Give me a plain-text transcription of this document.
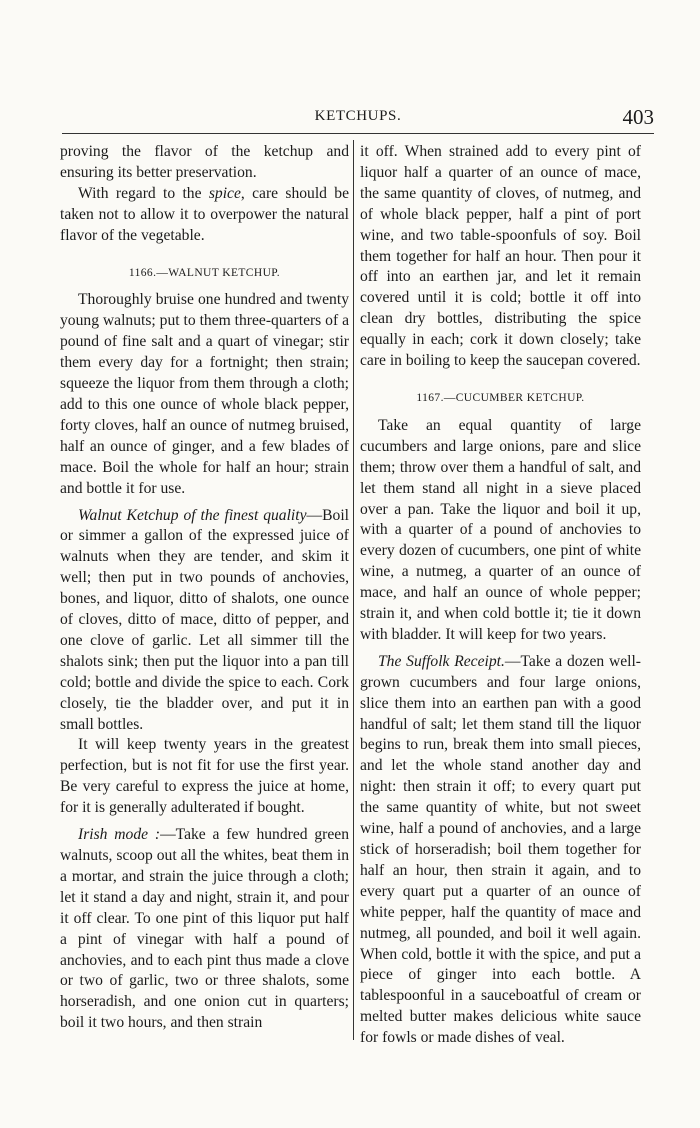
KETCHUPS.	403

proving the flavor of the ketchup and ensuring its better preservation.

With regard to the spice, care should be taken not to allow it to overpower the natural flavor of the vegetable.

1166.—WALNUT KETCHUP.

Thoroughly bruise one hundred and twenty young walnuts; put to them three-quarters of a pound of fine salt and a quart of vinegar; stir them every day for a fortnight; then strain; squeeze the liquor from them through a cloth; add to this one ounce of whole black pepper, forty cloves, half an ounce of nutmeg bruised, half an ounce of ginger, and a few blades of mace. Boil the whole for half an hour; strain and bottle it for use.

Walnut Ketchup of the finest quality—Boil or simmer a gallon of the expressed juice of walnuts when they are tender, and skim it well; then put in two pounds of anchovies, bones, and liquor, ditto of shalots, one ounce of cloves, ditto of mace, ditto of pepper, and one clove of garlic. Let all simmer till the shalots sink; then put the liquor into a pan till cold; bottle and divide the spice to each. Cork closely, tie the bladder over, and put it in small bottles.

It will keep twenty years in the greatest perfection, but is not fit for use the first year. Be very careful to express the juice at home, for it is generally adulterated if bought.

Irish mode :—Take a few hundred green walnuts, scoop out all the whites, beat them in a mortar, and strain the juice through a cloth; let it stand a day and night, strain it, and pour it off clear. To one pint of this liquor put half a pint of vinegar with half a pound of anchovies, and to each pint thus made a clove or two of garlic, two or three shalots, some horseradish, and one onion cut in quarters; boil it two hours, and then strain

it off. When strained add to every pint of liquor half a quarter of an ounce of mace, the same quantity of cloves, of nutmeg, and of whole black pepper, half a pint of port wine, and two table-spoonfuls of soy. Boil them together for half an hour. Then pour it off into an earthen jar, and let it remain covered until it is cold; bottle it off into clean dry bottles, distributing the spice equally in each; cork it down closely; take care in boiling to keep the saucepan covered.

1167.—CUCUMBER KETCHUP.

Take an equal quantity of large cucumbers and large onions, pare and slice them; throw over them a handful of salt, and let them stand all night in a sieve placed over a pan. Take the liquor and boil it up, with a quarter of a pound of anchovies to every dozen of cucumbers, one pint of white wine, a nutmeg, a quarter of an ounce of mace, and half an ounce of whole pepper; strain it, and when cold bottle it; tie it down with bladder. It will keep for two years.

The Suffolk Receipt.—Take a dozen well-grown cucumbers and four large onions, slice them into an earthen pan with a good handful of salt; let them stand till the liquor begins to run, break them into small pieces, and let the whole stand another day and night: then strain it off; to every quart put the same quantity of white, but not sweet wine, half a pound of anchovies, and a large stick of horseradish; boil them together for half an hour, then strain it again, and to every quart put a quarter of an ounce of white pepper, half the quantity of mace and nutmeg, all pounded, and boil it well again. When cold, bottle it with the spice, and put a piece of ginger into each bottle. A tablespoonful in a sauceboatful of cream or melted butter makes delicious white sauce for fowls or made dishes of veal.
